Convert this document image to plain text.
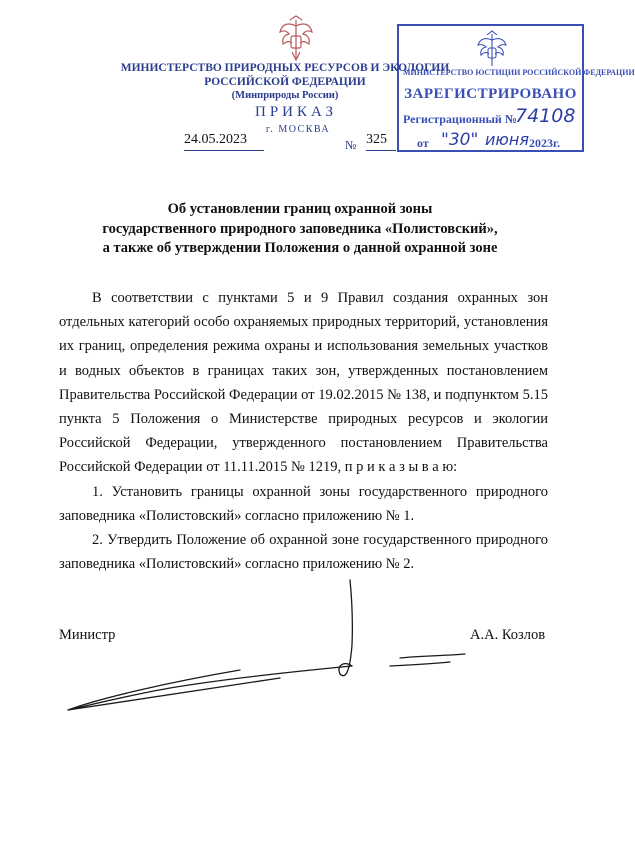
МИНИСТЕРСТВО ПРИРОДНЫХ РЕСУРСОВ И ЭКОЛОГИИ
РОССИЙСКОЙ ФЕДЕРАЦИИ
(Минприроды России)
ПРИКАЗ
г. МОСКВА
24.05.2023	№ 325
МИНИСТЕРСТВО ЮСТИЦИИ РОССИЙСКОЙ ФЕДЕРАЦИИ
ЗАРЕГИСТРИРОВАНО
Регистрационный №
74108
от "30" июня 2023г.
Об установлении границ охранной зоны
государственного природного заповедника «Полистовский»,
а также об утверждении Положения о данной охранной зоне

В соответствии с пунктами 5 и 9 Правил создания охранных зон отдельных категорий особо охраняемых природных территорий, установления их границ, определения режима охраны и использования земельных участков и водных объектов в границах таких зон, утвержденных постановлением Правительства Российской Федерации от 19.02.2015 № 138, и подпунктом 5.15 пункта 5 Положения о Министерстве природных ресурсов и экологии Российской Федерации, утвержденного постановлением Правительства Российской Федерации от 11.11.2015 № 1219, п р и к а з ы в а ю:

1. Установить границы охранной зоны государственного природного заповедника «Полистовский» согласно приложению № 1.

2. Утвердить Положение об охранной зоне государственного природного заповедника «Полистовский» согласно приложению № 2.

Министр	А.А. Козлов
